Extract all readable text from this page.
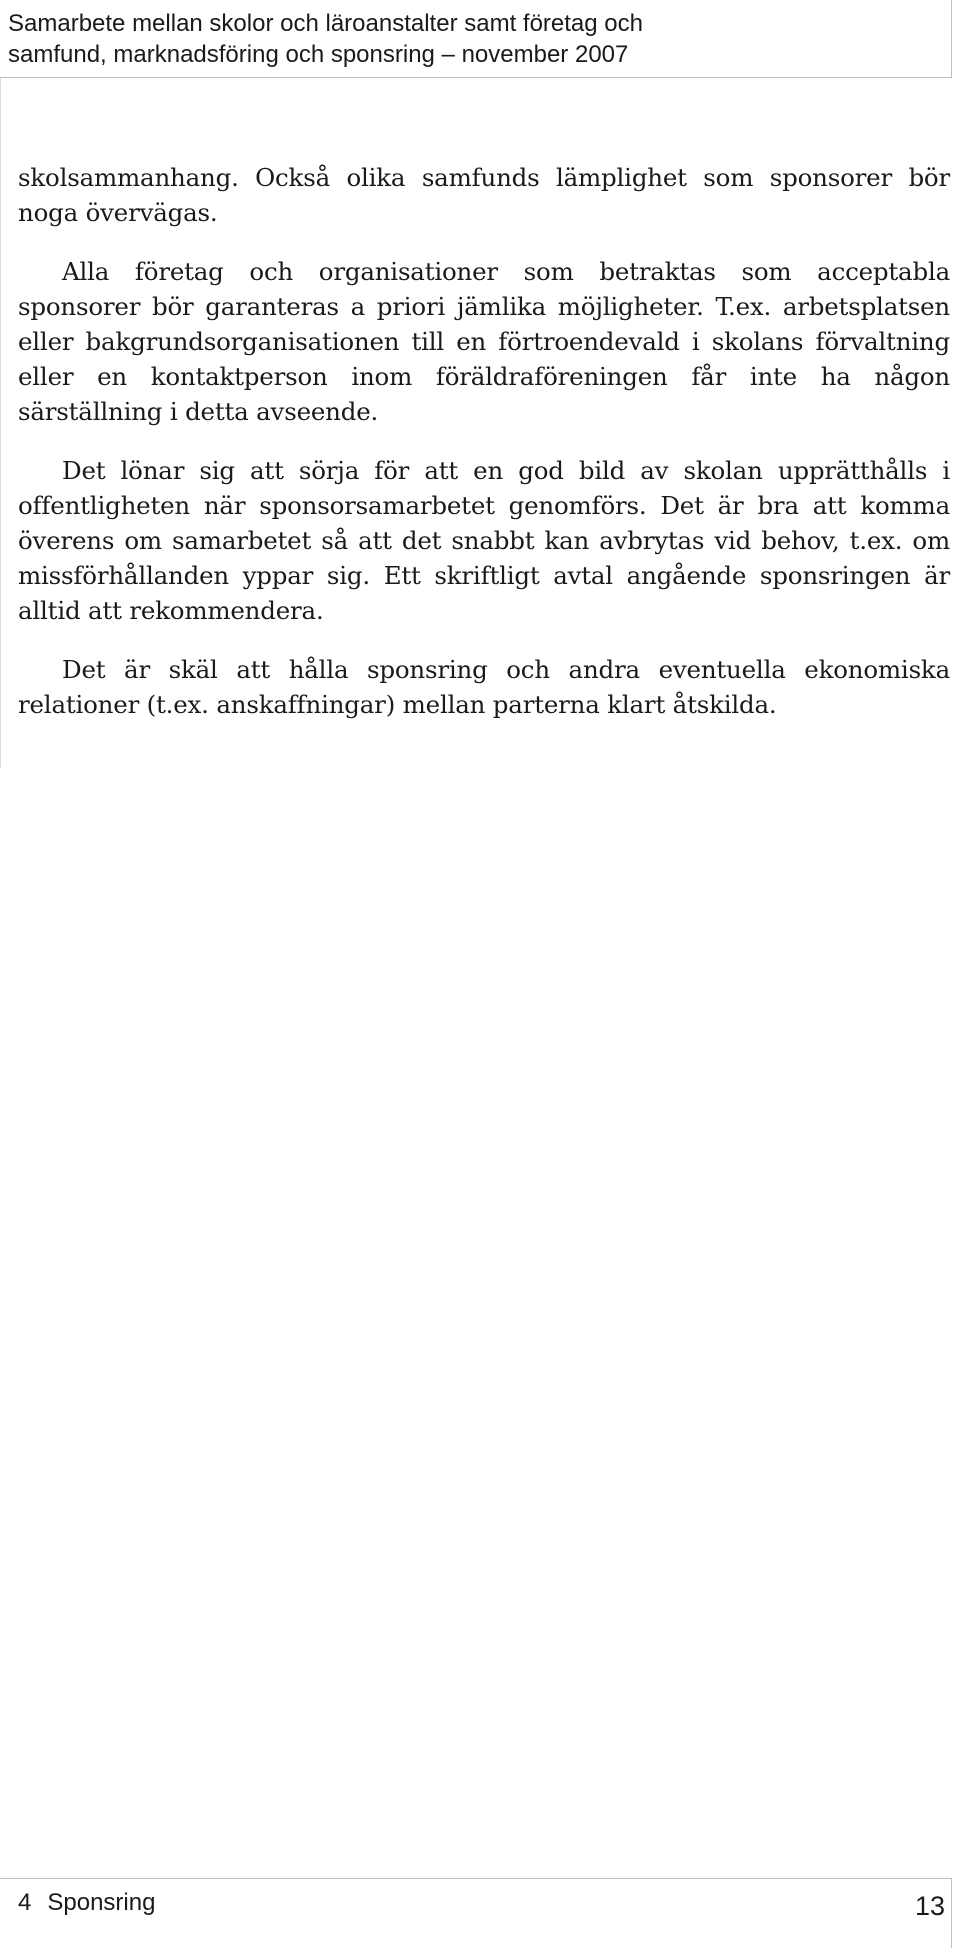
Samarbete mellan skolor och läroanstalter samt företag och
samfund, marknadsföring och sponsring – november 2007

skolsammanhang. Också olika samfunds lämplighet som sponsorer bör noga övervägas.

Alla företag och organisationer som betraktas som acceptabla sponsorer bör garanteras a priori jämlika möjligheter. T.ex. arbetsplatsen eller bakgrundsorganisationen till en förtroendevald i skolans förvaltning eller en kontaktperson inom föräldraföreningen får inte ha någon särställning i detta avseende.

Det lönar sig att sörja för att en god bild av skolan upprätthålls i offentligheten när sponsorsamarbetet genomförs. Det är bra att komma överens om samarbetet så att det snabbt kan avbrytas vid behov, t.ex. om missförhållanden yppar sig. Ett skriftligt avtal angående sponsringen är alltid att rekommendera.

Det är skäl att hålla sponsring och andra eventuella ekonomiska relationer (t.ex. anskaffningar) mellan parterna klart åtskilda.

4 Sponsring	13
